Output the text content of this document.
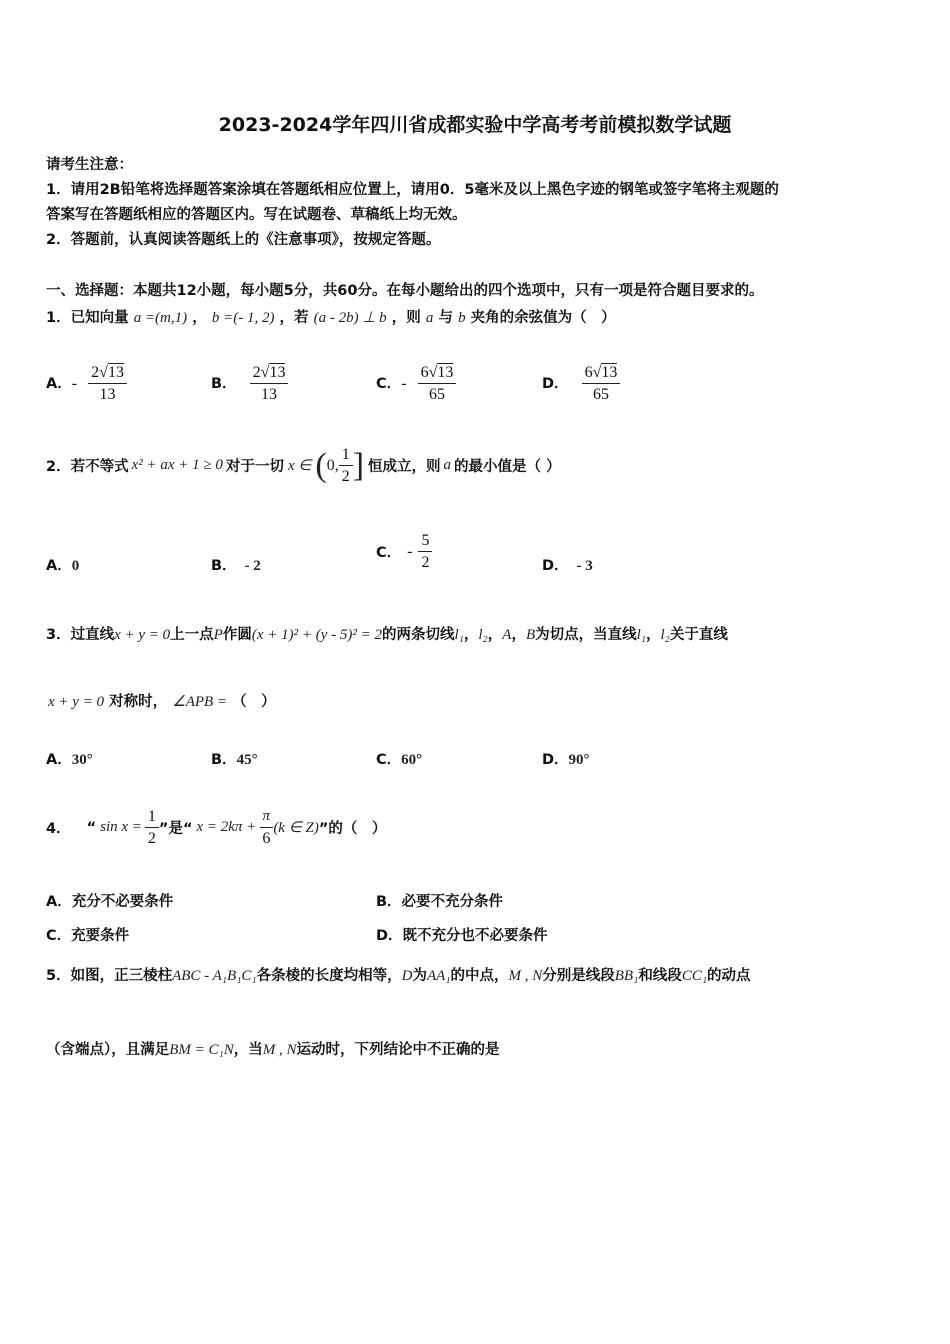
2023-2024学年四川省成都实验中学高考考前模拟数学试题
请考生注意：
1．请用2B铅笔将选择题答案涂填在答题纸相应位置上，请用0．5毫米及以上黑色字迹的钢笔或签字笔将主观题的
答案写在答题纸相应的答题区内。写在试题卷、草稿纸上均无效。
2．答题前，认真阅读答题纸上的《注意事项》，按规定答题。
一、选择题：本题共12小题，每小题5分，共60分。在每小题给出的四个选项中，只有一项是符合题目要求的。
1．已知向量 a =(m,1) ， b =(- 1, 2) ，若 (a - 2b) ⊥ b ，则 a 与 b 夹角的余弦值为（　）
A．- $\frac{2√13}{13}$	B． $\frac{2√13}{13}$	C．- $\frac{6√13}{65}$	D． $\frac{6√13}{65}$
2．若不等式 x² + ax + 1 ≥ 0 对于一切 x ∈ ( 0, $\frac{1}{2}$ ] 恒成立，则 a 的最小值是（ ）
A．0	B． - 2
C． - $\frac{5}{2}$	D． - 3
3．过直线x + y = 0上一点P作圆(x + 1)² + (y - 5)² = 2的两条切线l₁，l₂，A，B为切点，当直线l₁，l₂关于直线
x + y = 0 对称时， ∠APB = （　）
A．30°	B．45°	C．60°	D．90°
4． “ $\sin x = \frac{1}{2}$ ”是“ $x = 2k\pi + \frac{\pi}{6} (k$ ∈ Z) ”的（　）
A．充分不必要条件	B．必要不充分条件
C．充要条件	D．既不充分也不必要条件
5．如图，正三棱柱ABC - A₁B₁C₁各条棱的长度均相等，D为AA₁的中点，M , N分别是线段BB₁和线段CC₁的动点
（含端点），且满足BM = C₁N，当M , N运动时，下列结论中不正确的是
